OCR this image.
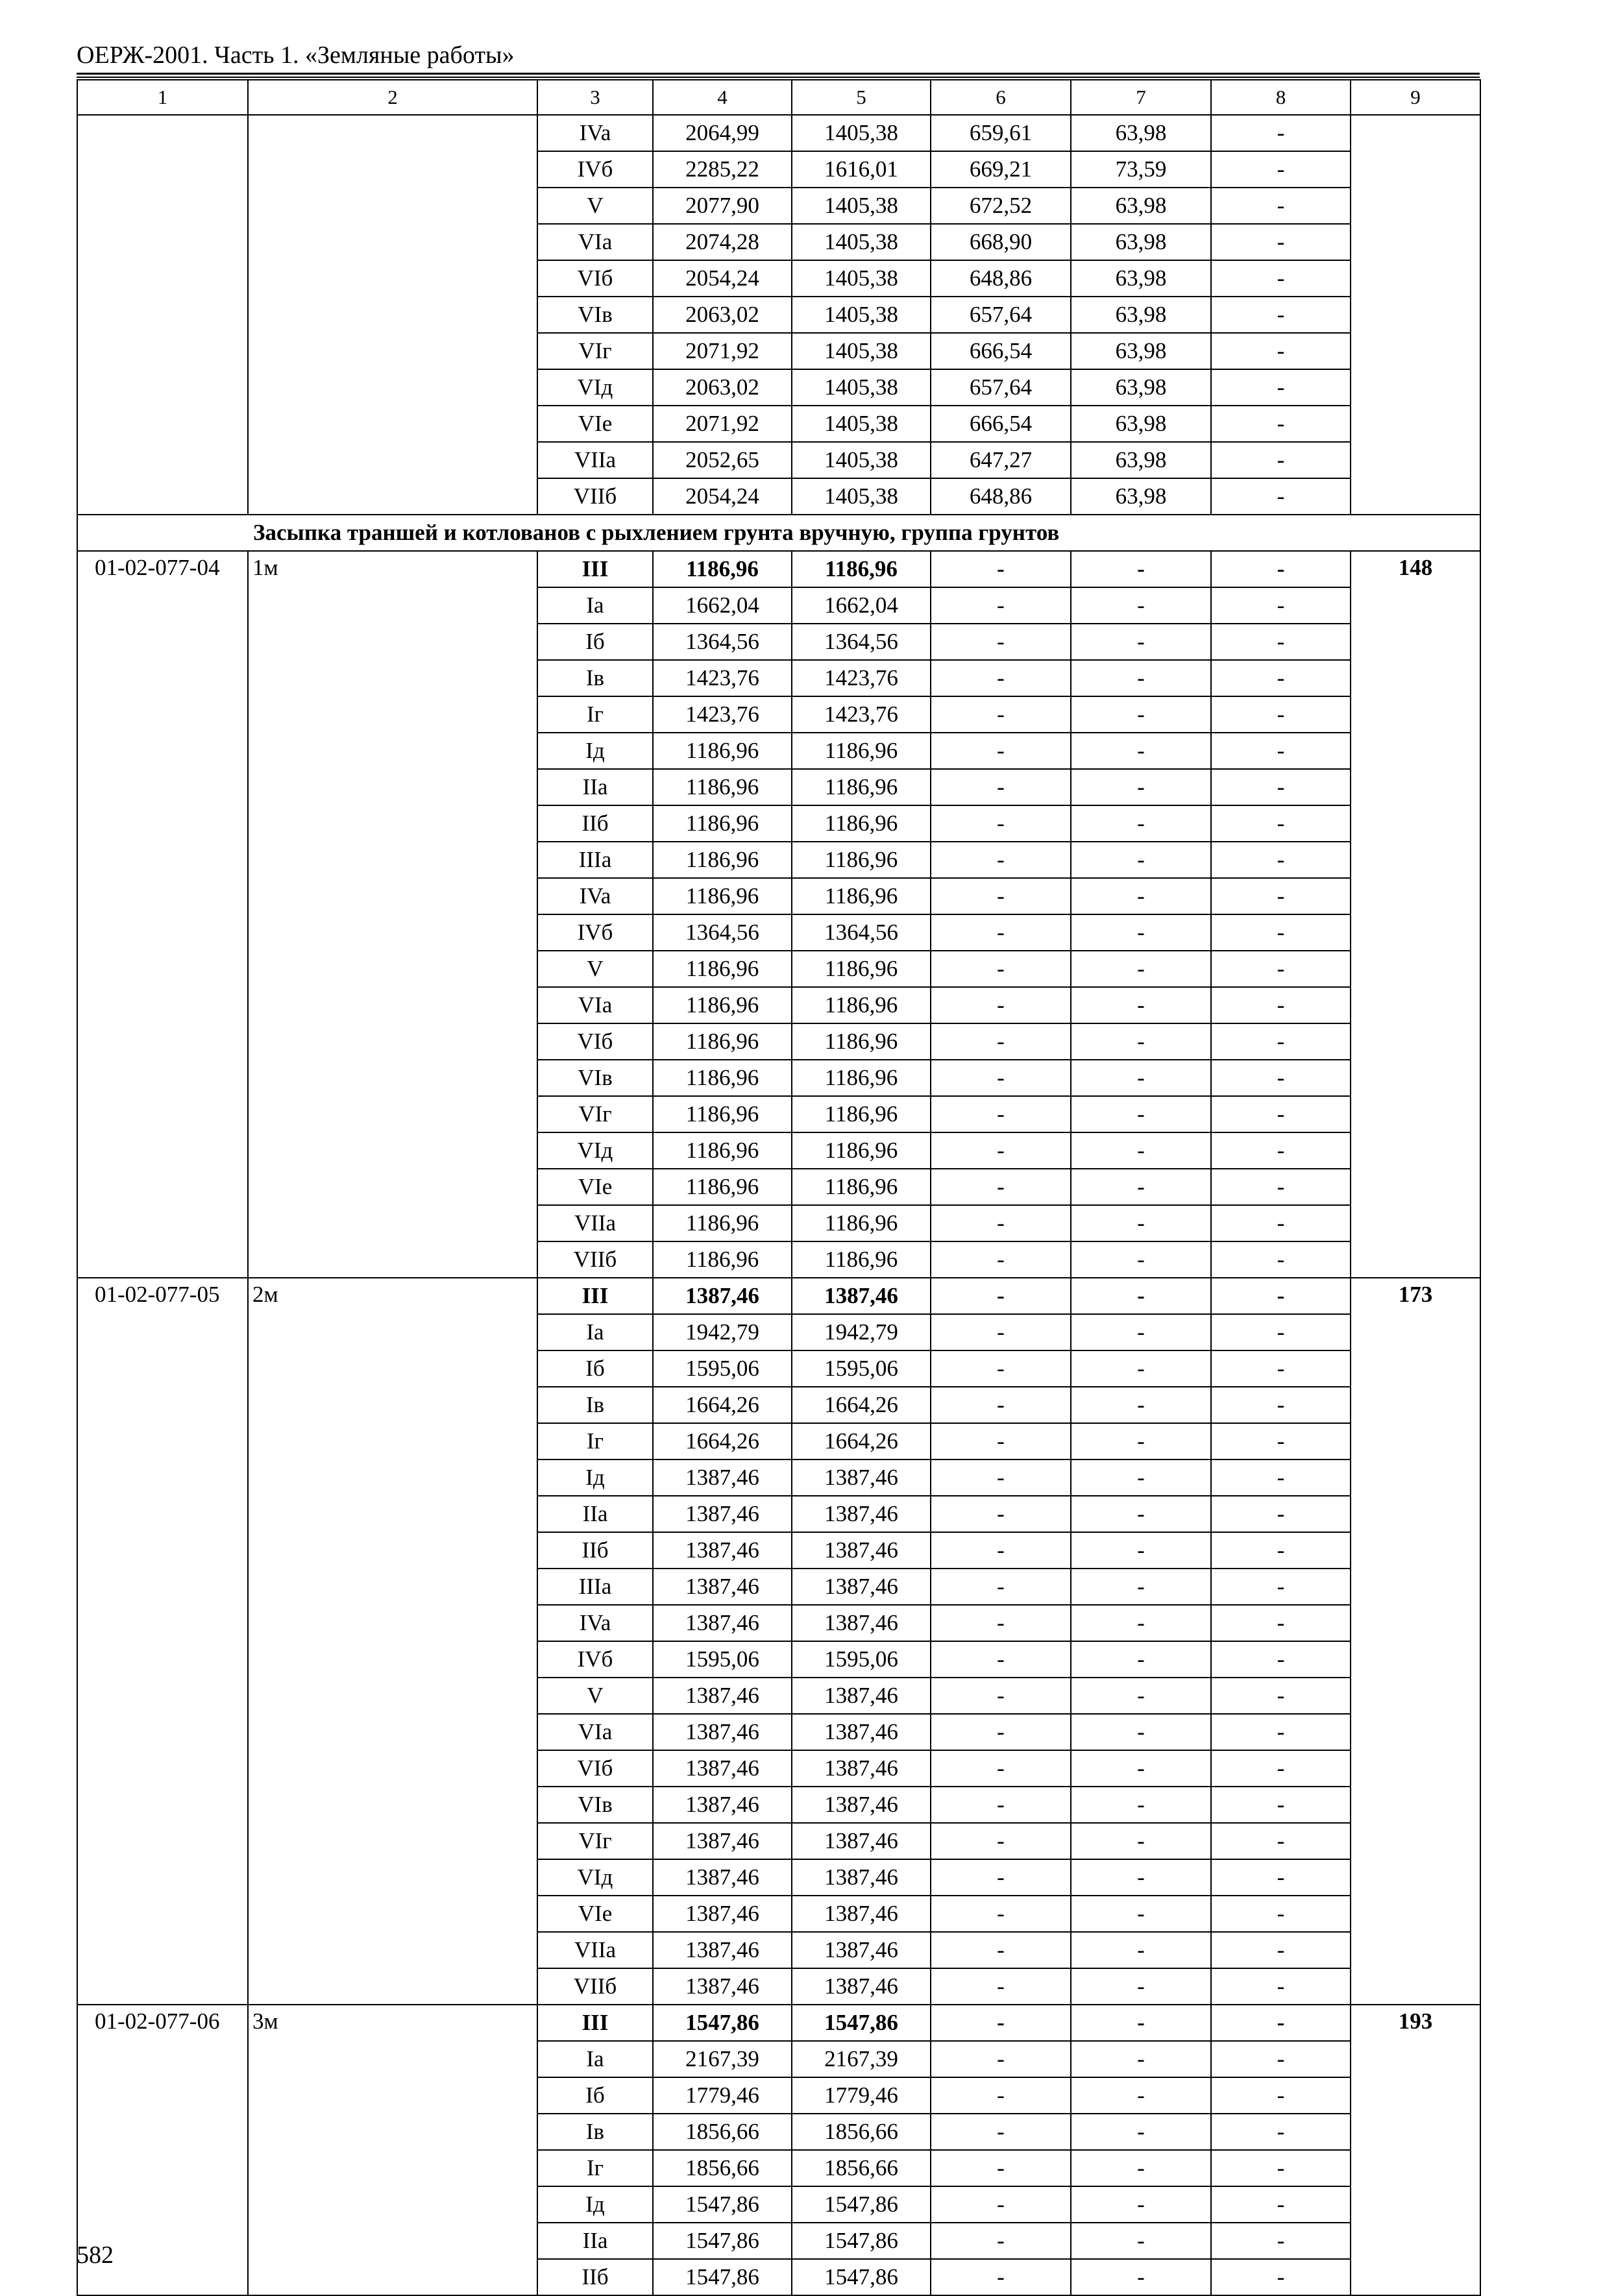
ОЕРЖ-2001. Часть 1. «Земляные работы»
1	2	3	4	5	6	7	8	9
		IVa	2064,99	1405,38	659,61	63,98	-	
		IVб	2285,22	1616,01	669,21	73,59	-	
		V	2077,90	1405,38	672,52	63,98	-	
		VIa	2074,28	1405,38	668,90	63,98	-	
		VIб	2054,24	1405,38	648,86	63,98	-	
		VIв	2063,02	1405,38	657,64	63,98	-	
		VIг	2071,92	1405,38	666,54	63,98	-	
		VIд	2063,02	1405,38	657,64	63,98	-	
		VIе	2071,92	1405,38	666,54	63,98	-	
		VIIa	2052,65	1405,38	647,27	63,98	-	
		VIIб	2054,24	1405,38	648,86	63,98	-	
	Засыпка траншей и котлованов с рыхлением грунта вручную, группа грунтов							
01-02-077-04	1м	III	1186,96	1186,96	-	-	-	148
		Ia	1662,04	1662,04	-	-	-	
		Iб	1364,56	1364,56	-	-	-	
		Iв	1423,76	1423,76	-	-	-	
		Iг	1423,76	1423,76	-	-	-	
		Iд	1186,96	1186,96	-	-	-	
		IIa	1186,96	1186,96	-	-	-	
		IIб	1186,96	1186,96	-	-	-	
		IIIa	1186,96	1186,96	-	-	-	
		IVa	1186,96	1186,96	-	-	-	
		IVб	1364,56	1364,56	-	-	-	
		V	1186,96	1186,96	-	-	-	
		VIa	1186,96	1186,96	-	-	-	
		VIб	1186,96	1186,96	-	-	-	
		VIв	1186,96	1186,96	-	-	-	
		VIг	1186,96	1186,96	-	-	-	
		VIд	1186,96	1186,96	-	-	-	
		VIе	1186,96	1186,96	-	-	-	
		VIIa	1186,96	1186,96	-	-	-	
		VIIб	1186,96	1186,96	-	-	-	
01-02-077-05	2м	III	1387,46	1387,46	-	-	-	173
		Ia	1942,79	1942,79	-	-	-	
		Iб	1595,06	1595,06	-	-	-	
		Iв	1664,26	1664,26	-	-	-	
		Iг	1664,26	1664,26	-	-	-	
		Iд	1387,46	1387,46	-	-	-	
		IIa	1387,46	1387,46	-	-	-	
		IIб	1387,46	1387,46	-	-	-	
		IIIa	1387,46	1387,46	-	-	-	
		IVa	1387,46	1387,46	-	-	-	
		IVб	1595,06	1595,06	-	-	-	
		V	1387,46	1387,46	-	-	-	
		VIa	1387,46	1387,46	-	-	-	
		VIб	1387,46	1387,46	-	-	-	
		VIв	1387,46	1387,46	-	-	-	
		VIг	1387,46	1387,46	-	-	-	
		VIд	1387,46	1387,46	-	-	-	
		VIе	1387,46	1387,46	-	-	-	
		VIIa	1387,46	1387,46	-	-	-	
		VIIб	1387,46	1387,46	-	-	-	
01-02-077-06	3м	III	1547,86	1547,86	-	-	-	193
		Ia	2167,39	2167,39	-	-	-	
		Iб	1779,46	1779,46	-	-	-	
		Iв	1856,66	1856,66	-	-	-	
		Iг	1856,66	1856,66	-	-	-	
		Iд	1547,86	1547,86	-	-	-	
		IIa	1547,86	1547,86	-	-	-	
		IIб	1547,86	1547,86	-	-	-	
582
